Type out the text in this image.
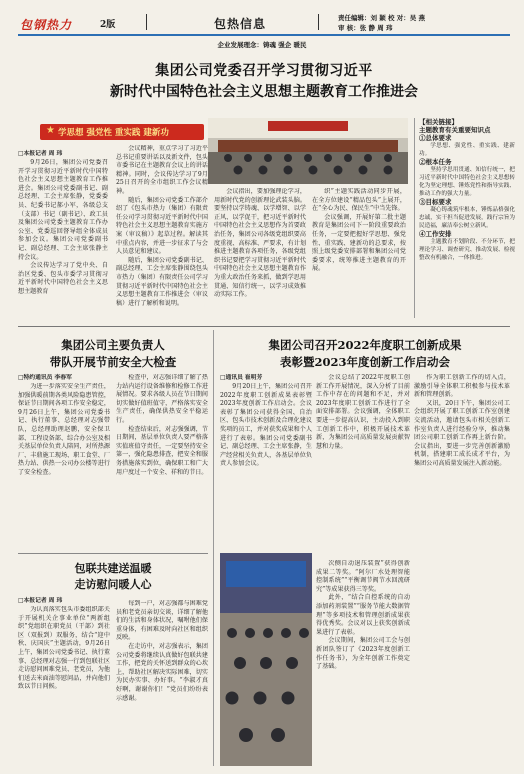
包钢热力	2版	包热信息	责任编辑：刘 颖 校 对：吴 燕
审 核：张 静 周 玮
企业发展理念：铸魂 强企 暖民
集团公司党委召开学习贯彻习近平
新时代中国特色社会主义思想主题教育工作推进会
★ 学思想 强党性 重实践 建新功
□本报记者 周 玮

9月26日，集团公司党委召开学习贯彻习近平新时代中国特色社会主义思想主题教育工作推进会。集团公司党委副书记、副总经理、工会主席张静，党委委员、纪委书记郝小军，各级总支（支部）书记（副书记）、政工员及集团公司党委主题教育工作办公室、党委巡回督导组全体成员参加会议。集团公司党委副书记、副总经理、工会主席张静主持会议。

会议传达学习了党中央、自治区党委、包头市委学习贯彻习近平新时代中国特色社会主义思想主题教育

会议精神，重点学习了习近平总书记重要讲话以及新文件，包头市委书记在主题教育会议上的讲话精神。同时，会议传达学习了9月25日召开的全市组织工作会议精神。

随后，集团公司党委工作部介绍了《包头市热力（集团）有限责任公司学习贯彻习近平新时代中国特色社会主义思想主题教育实施方案（审议稿）》起草过程。解读其中重点内容，并进一步征求了与会人员意见和建议。

随后，集团公司党委副书记、副总经理、工会主席张静围绕包头市热力（集团）有限责任公司学习贯彻习近平新时代中国特色社会主义思想主题教育工作推进会（审议稿）进行了解析和说明。

会议指出，要加强理论学习，用新时代党的创新理论武装头脑。要坚持以学铸魂、以学增智、以学正风、以学促干，把习近平新时代中国特色社会主义思想作为首要政治任务，集团公司各级党组织要高度重视、高标准、严要求，有计划推进主题教育各项任务，各级党组织书记要把学习贯彻习近平新时代中国特色社会主义思想主题教育作为重大政治任务来抓，做到学思用贯通、知信行统一，以学习成效推动实际工作。

织”主题实践活动同步开展，在全方位建设“精品包头”上展开，在“全心为民、保民生”中当先锋。

会议强调，开展好第二批主题教育是集团公司下一阶段重要政治任务，一定要把握好学思想、强党性、重实践、建新功的总要求，按照上级党委安排部署和集团公司党委要求，统筹推进主题教育的开展。

【相关链接】
主题教育有关重要知识点
①总体要求

学思想、强党性、重实践、建新功。

②根本任务

坚持学思用贯通、知信行统一，把习近平新时代中国特色社会主义思想转化为坚定理想、锤炼党性和指导实践、推动工作的强大力量。

③目标要求

凝心铸魂筑牢根本，锤炼品格强化忠诚，实干担当促进发展，践行宗旨为民造福，廉洁奉公树立新风。

④工作安排

主题教育不划阶段、不分环节，把理论学习、调查研究、推动发展、检视整改有机融合，一体推进。

集团公司主要负责人
带队开展节前安全大检查
□特约通讯员 李春军

为进一步落实安全生产责任，加强供暖前期各类风险隐患管控，保证节日期间各项工作安全稳定，9月26日上午，集团公司党委书记、执行董事、总经理对志强带队，总经理助理赵鹏，安全保卫部、工程设备部、综合办公室及相关基层单位负责人陪同，对所热源厂、丰鼎施工现场、职工食堂、厂热力站、供热一公司办公楼等进行了安全检查。

检查中，对志强详细了解了热力站内运行设备维修和检修工作进展情况。要求各级人员在节日期间切实做好值班值守，严格落实安全生产责任，确保供热安全平稳运行。

检查结束后，对志强强调，节日期间，基层单位负责人要严格落实值班值守责任，一定要坚持安全第一，强化隐患排查，把安全和服务措施落实到位，确保职工和广大用户度过一个安全、祥和的节日。

包联共建送温暖
走访慰问暖人心
□本报记者 周 玮

为认真落实包头市委组织部关于开展机关企事业单位“两新组织”党组织在职党员（干部）到社区（双报到）双服务，结合“迎中秋、庆国庆”主题活动，9月26日上午，集团公司党委书记、执行董事、总经理对志强一行到包联社区走访慰问困难党员、老党员，为他们送去米面油等慰问品，并向他们致以节日问候。

每到一户，对志强都与困难党员和老党员亲切交谈，详细了解他们的生活和身体状况，嘱咐他们保重身体，有困难及时向社区和组织反映。

在走访中，对志强表示，集团公司党委将继续认真做好包联共建工作，把党的关怀送到群众的心坎上，帮助社区解决实际困难，切实为民办实事、办好事。“李淑才真好啊，谢谢你们！”党员们纷纷表示感谢。

集团公司召开2022年度职工创新成果
表彰暨2023年度创新工作启动会
□通讯员 崔明芳

9月20日上午，集团公司召开2022年度职工创新成果表彰暨2023年度创新工作启动会。会议表彰了集团公司获得全国、自治区、包头市技术创新及合理化建议奖项的员工，并对获奖成果和个人进行了表彰。集团公司党委副书记、副总经理、工会主席张静，生产经营相关负责人，各基层单位负责人参加会议。

会议总结了2022年度职工创新工作开展情况，深入分析了目前工作中存在的问题和不足，并对2023年度职工创新工作进行了全面安排部署。会议强调，全体职工要进一步提高认识，主动投入到职工创新工作中，积极开展技术革新，为集团公司高质量发展贡献智慧和力量。

次侧自动退压装置”获得创新成果二等奖。“阿尔厂水处理智能控制系统”“平衡调节阀节水回流研究”等成果获得三等奖。

此外，“结合自控系统的自动添加药剂装置”“服务节能大数据管理”等多项技术和管理创新成果获得优秀奖。会议对以上获奖创新成果进行了表彰。

会议期间，集团公司工会与创新团队签订了《2023年度创新工作任务书》，为全年创新工作奠定了基础。

作为职工创新工作的切入点，激励引导全体职工积极参与技术革新和管理创新。

又讯，20日下午，集团公司工会组织开展了职工创新工作室创建交流活动，邀请包头市相关创新工作室负责人进行经验分享，推动集团公司职工创新工作再上新台阶。会议指出，要进一步完善创新激励机制，搭建职工成长成才平台，为集团公司高质量发展注入新动能。
